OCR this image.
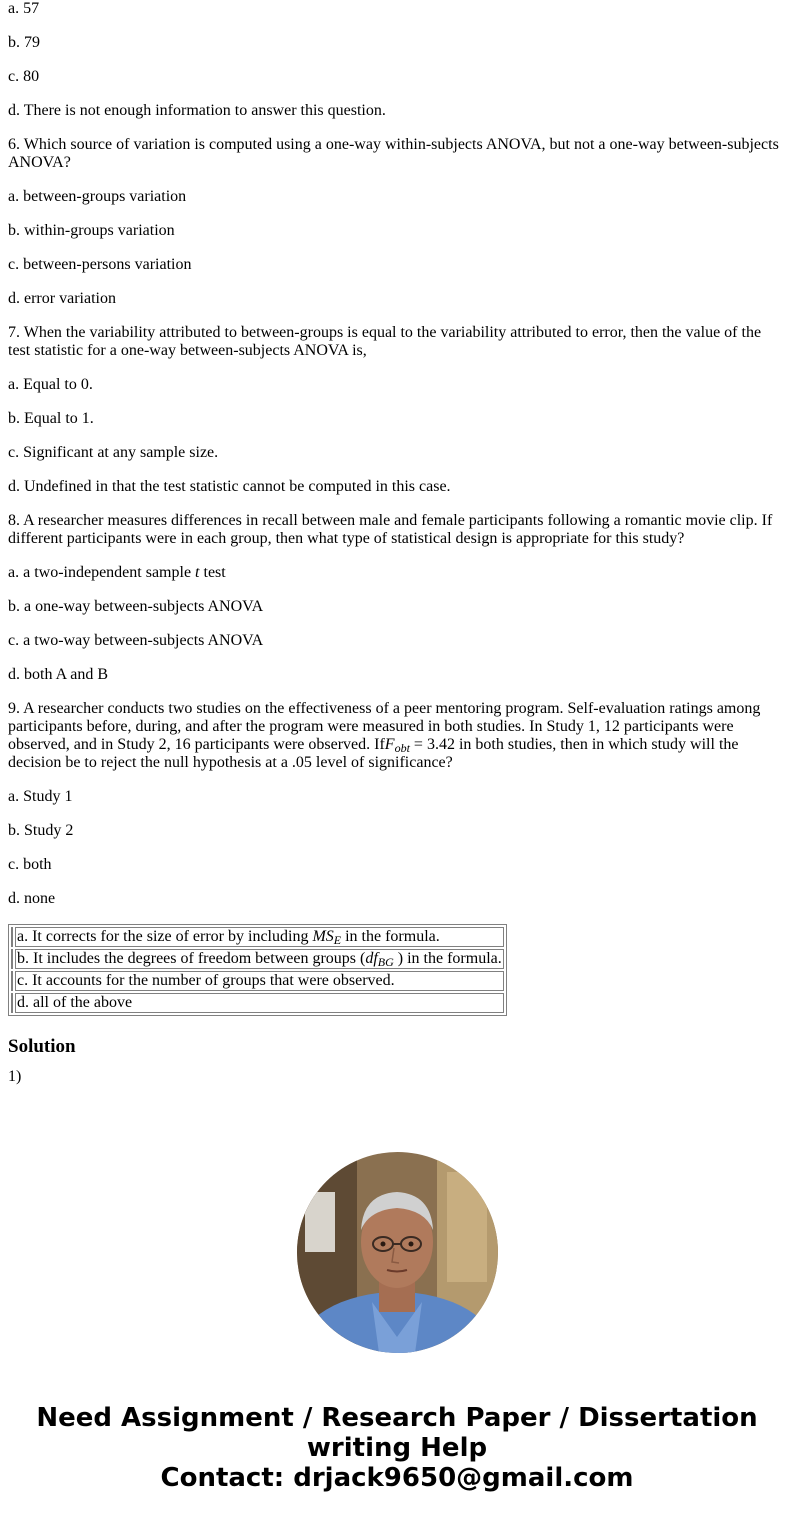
a. 57

b. 79

c. 80

d. There is not enough information to answer this question.

6. Which source of variation is computed using a one-way within-subjects ANOVA, but not a one-way between-subjects ANOVA?

a. between-groups variation

b. within-groups variation

c. between-persons variation

d. error variation

7. When the variability attributed to between-groups is equal to the variability attributed to error, then the value of the test statistic for a one-way between-subjects ANOVA is,

a. Equal to 0.

b. Equal to 1.

c. Significant at any sample size.

d. Undefined in that the test statistic cannot be computed in this case.

8. A researcher measures differences in recall between male and female participants following a romantic movie clip. If different participants were in each group, then what type of statistical design is appropriate for this study?

a. a two-independent sample t test

b. a one-way between-subjects ANOVA

c. a two-way between-subjects ANOVA

d. both A and B

9. A researcher conducts two studies on the effectiveness of a peer mentoring program. Self-evaluation ratings among participants before, during, and after the program were measured in both studies. In Study 1, 12 participants were observed, and in Study 2, 16 participants were observed. IfF$_{obt}$ = 3.42 in both studies, then in which study will the decision be to reject the null hypothesis at a .05 level of significance?

a. Study 1

b. Study 2

c. both

d. none

	a. It corrects for the size of error by including $MS_E$ in the formula.
	b. It includes the degrees of freedom between groups ($df_{BG}$ ) in the formula.
	c. It accounts for the number of groups that were observed.
	d. all of the above
Solution

1)

Need Assignment / Research Paper / Dissertation
writing Help
Contact: drjack9650@gmail.com
